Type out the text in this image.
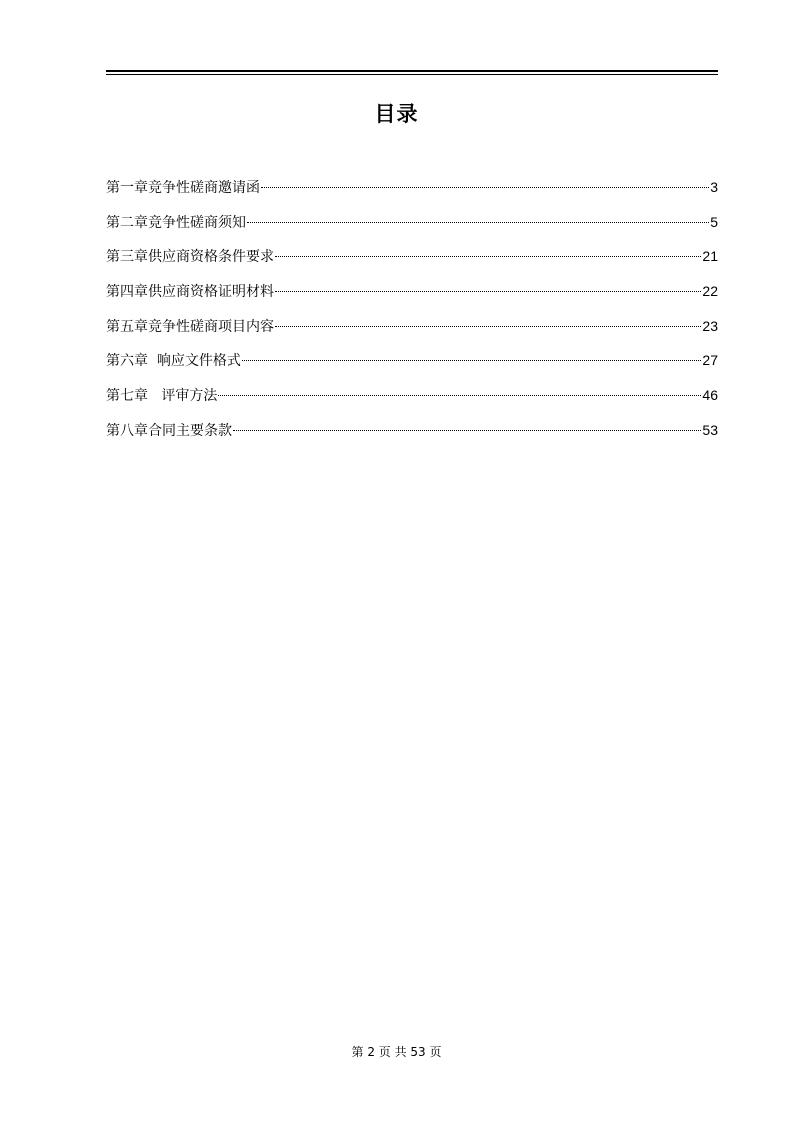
目录
第一章竞争性磋商邀请函	3
第二章竞争性磋商须知	5
第三章供应商资格条件要求	21
第四章供应商资格证明材料	22
第五章竞争性磋商项目内容	23
第六章  响应文件格式	27
第七章   评审方法	46
第八章合同主要条款	53
第 2 页 共 53 页
